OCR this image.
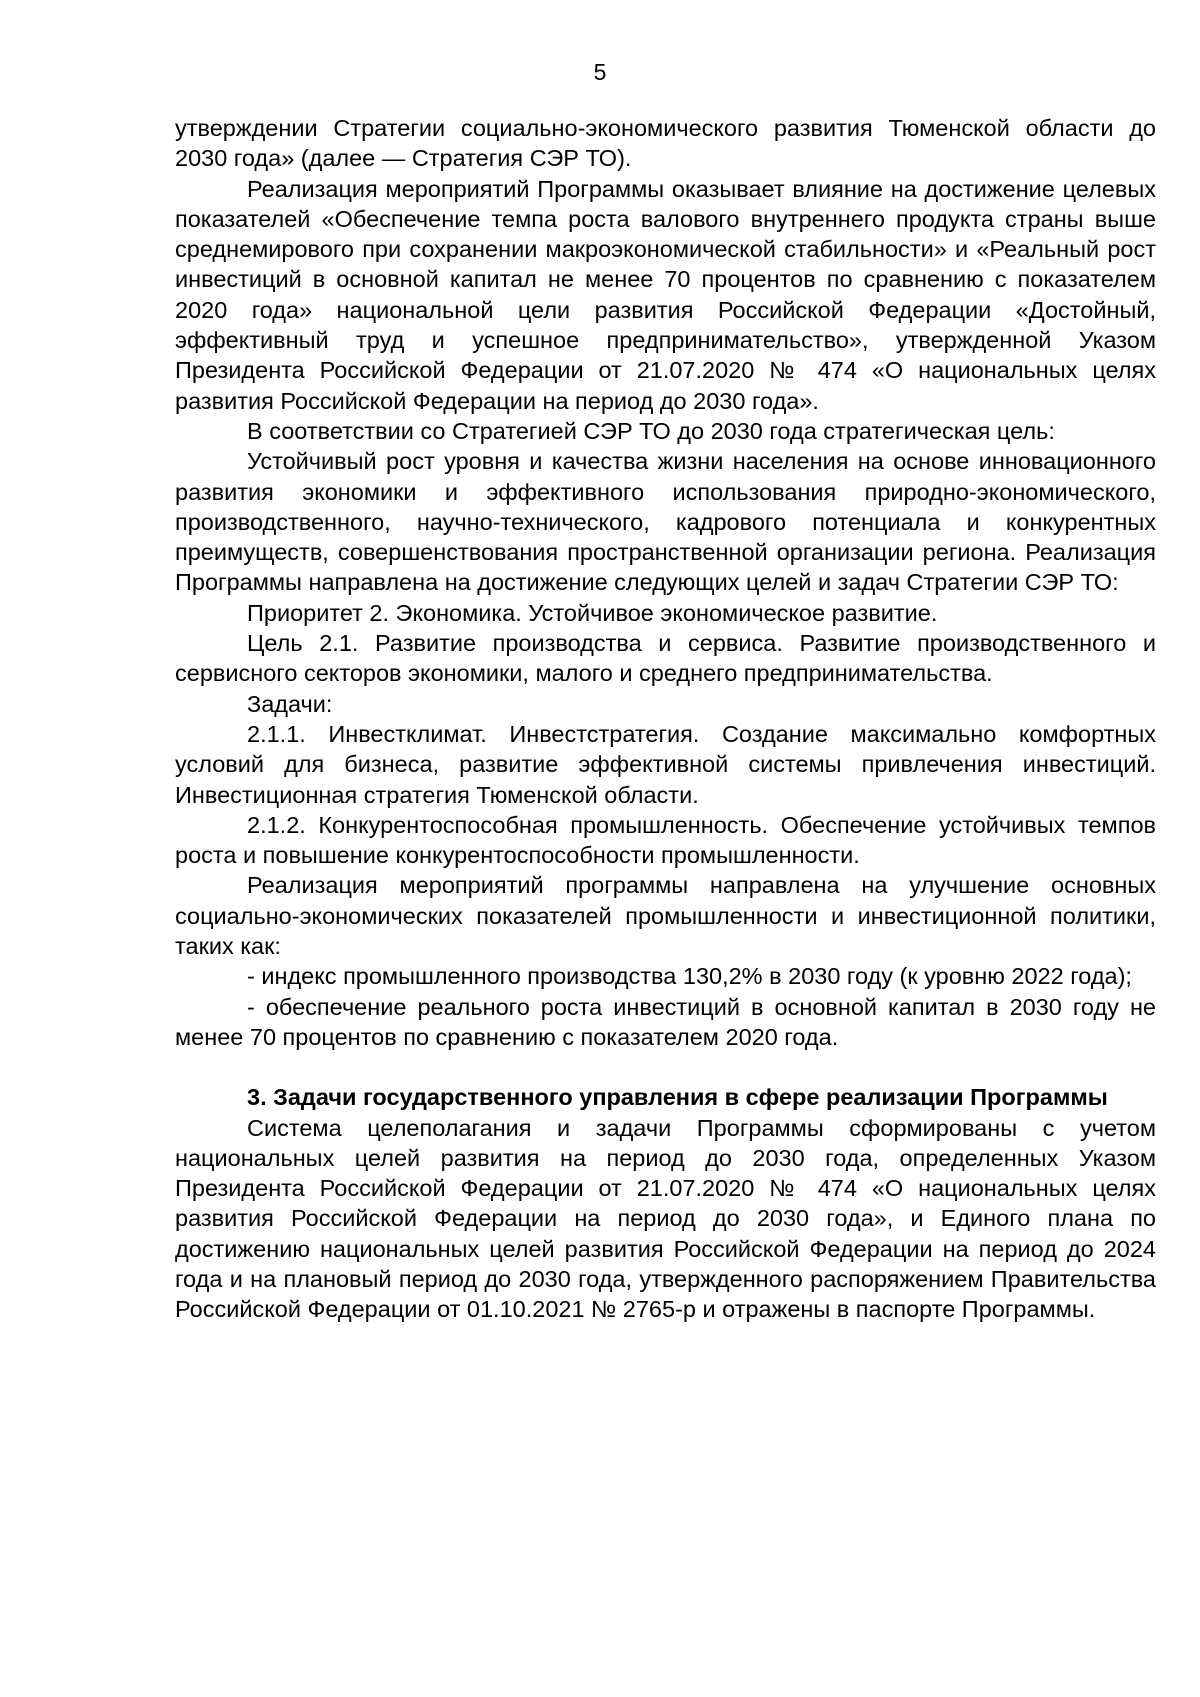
5

утверждении Стратегии социально-экономического развития Тюменской области до 2030 года» (далее — Стратегия СЭР ТО).

Реализация мероприятий Программы оказывает влияние на достижение целевых показателей «Обеспечение темпа роста валового внутреннего продукта страны выше среднемирового при сохранении макроэкономической стабильности» и «Реальный рост инвестиций в основной капитал не менее 70 процентов по сравнению с показателем 2020 года» национальной цели развития Российской Федерации «Достойный, эффективный труд и успешное предпринимательство», утвержденной Указом Президента Российской Федерации от 21.07.2020 № 474 «О национальных целях развития Российской Федерации на период до 2030 года».

В соответствии со Стратегией СЭР ТО до 2030 года стратегическая цель:

Устойчивый рост уровня и качества жизни населения на основе инновационного развития экономики и эффективного использования природно-экономического, производственного, научно-технического, кадрового потенциала и конкурентных преимуществ, совершенствования пространственной организации региона. Реализация Программы направлена на достижение следующих целей и задач Стратегии СЭР ТО:

Приоритет 2. Экономика. Устойчивое экономическое развитие.

Цель 2.1. Развитие производства и сервиса. Развитие производственного и сервисного секторов экономики, малого и среднего предпринимательства.

Задачи:

2.1.1. Инвестклимат. Инвестстратегия. Создание максимально комфортных условий для бизнеса, развитие эффективной системы привлечения инвестиций. Инвестиционная стратегия Тюменской области.

2.1.2. Конкурентоспособная промышленность. Обеспечение устойчивых темпов роста и повышение конкурентоспособности промышленности.

Реализация мероприятий программы направлена на улучшение основных социально-экономических показателей промышленности и инвестиционной политики, таких как:

- индекс промышленного производства 130,2% в 2030 году (к уровню 2022 года);

- обеспечение реального роста инвестиций в основной капитал в 2030 году не менее 70 процентов по сравнению с показателем 2020 года.

3. Задачи государственного управления в сфере реализации Программы

Система целеполагания и задачи Программы сформированы с учетом национальных целей развития на период до 2030 года, определенных Указом Президента Российской Федерации от 21.07.2020 № 474 «О национальных целях развития Российской Федерации на период до 2030 года», и Единого плана по достижению национальных целей развития Российской Федерации на период до 2024 года и на плановый период до 2030 года, утвержденного распоряжением Правительства Российской Федерации от 01.10.2021 № 2765-р и отражены в паспорте Программы.
